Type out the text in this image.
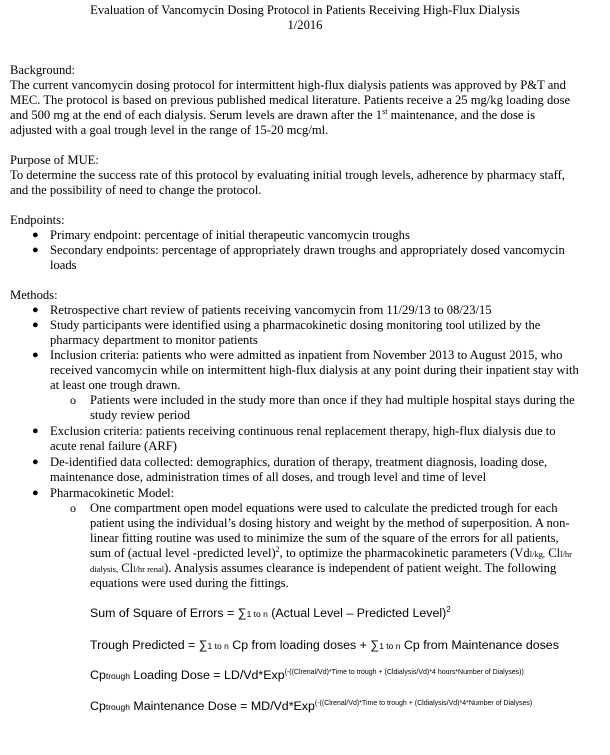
Evaluation of Vancomycin Dosing Protocol in Patients Receiving High-Flux Dialysis
1/2016
Background:
The current vancomycin dosing protocol for intermittent high-flux dialysis patients was approved by P&T and
MEC. The protocol is based on previous published medical literature. Patients receive a 25 mg/kg loading dose
and 500 mg at the end of each dialysis. Serum levels are drawn after the 1st maintenance, and the dose is
adjusted with a goal trough level in the range of 15-20 mcg/ml.
Purpose of MUE:
To determine the success rate of this protocol by evaluating initial trough levels, adherence by pharmacy staff,
and the possibility of need to change the protocol.
Endpoints:
● Primary endpoint: percentage of initial therapeutic vancomycin troughs
● Secondary endpoints: percentage of appropriately drawn troughs and appropriately dosed vancomycin
loads
Methods:
● Retrospective chart review of patients receiving vancomycin from 11/29/13 to 08/23/15
● Study participants were identified using a pharmacokinetic dosing monitoring tool utilized by the
pharmacy department to monitor patients
● Inclusion criteria: patients who were admitted as inpatient from November 2013 to August 2015, who
received vancomycin while on intermittent high-flux dialysis at any point during their inpatient stay with
at least one trough drawn.
o Patients were included in the study more than once if they had multiple hospital stays during the
study review period
● Exclusion criteria: patients receiving continuous renal replacement therapy, high-flux dialysis due to
acute renal failure (ARF)
● De-identified data collected: demographics, duration of therapy, treatment diagnosis, loading dose,
maintenance dose, administration times of all doses, and trough level and time of level
● Pharmacokinetic Model:
o One compartment open model equations were used to calculate the predicted trough for each
patient using the individual’s dosing history and weight by the method of superposition. A non-
linear fitting routine was used to minimize the sum of the square of the errors for all patients,
sum of (actual level -predicted level)$^2$, to optimize the pharmacokinetic parameters (Vdl/kg, Cll/hr
dialysis, Cll/hr renal). Analysis assumes clearance is independent of patient weight. The following
equations were used during the fittings.
Sum of Square of Errors = ∑1 to n (Actual Level – Predicted Level)$^2$
Trough Predicted = ∑1 to n Cp from loading doses + ∑1 to n Cp from Maintenance doses
Cptrough Loading Dose = LD/Vd*Exp$^{(-((Clrenal/Vd)*Time to trough + (Cldialysis/Vd)*4 hours*Number of Dialyses))}$
Cptrough Maintenance Dose = MD/Vd*Exp$^{(-((Clrenal/Vd)*Time to trough + (Cldialysis/Vd)*4*Number of Dialyses)}$
